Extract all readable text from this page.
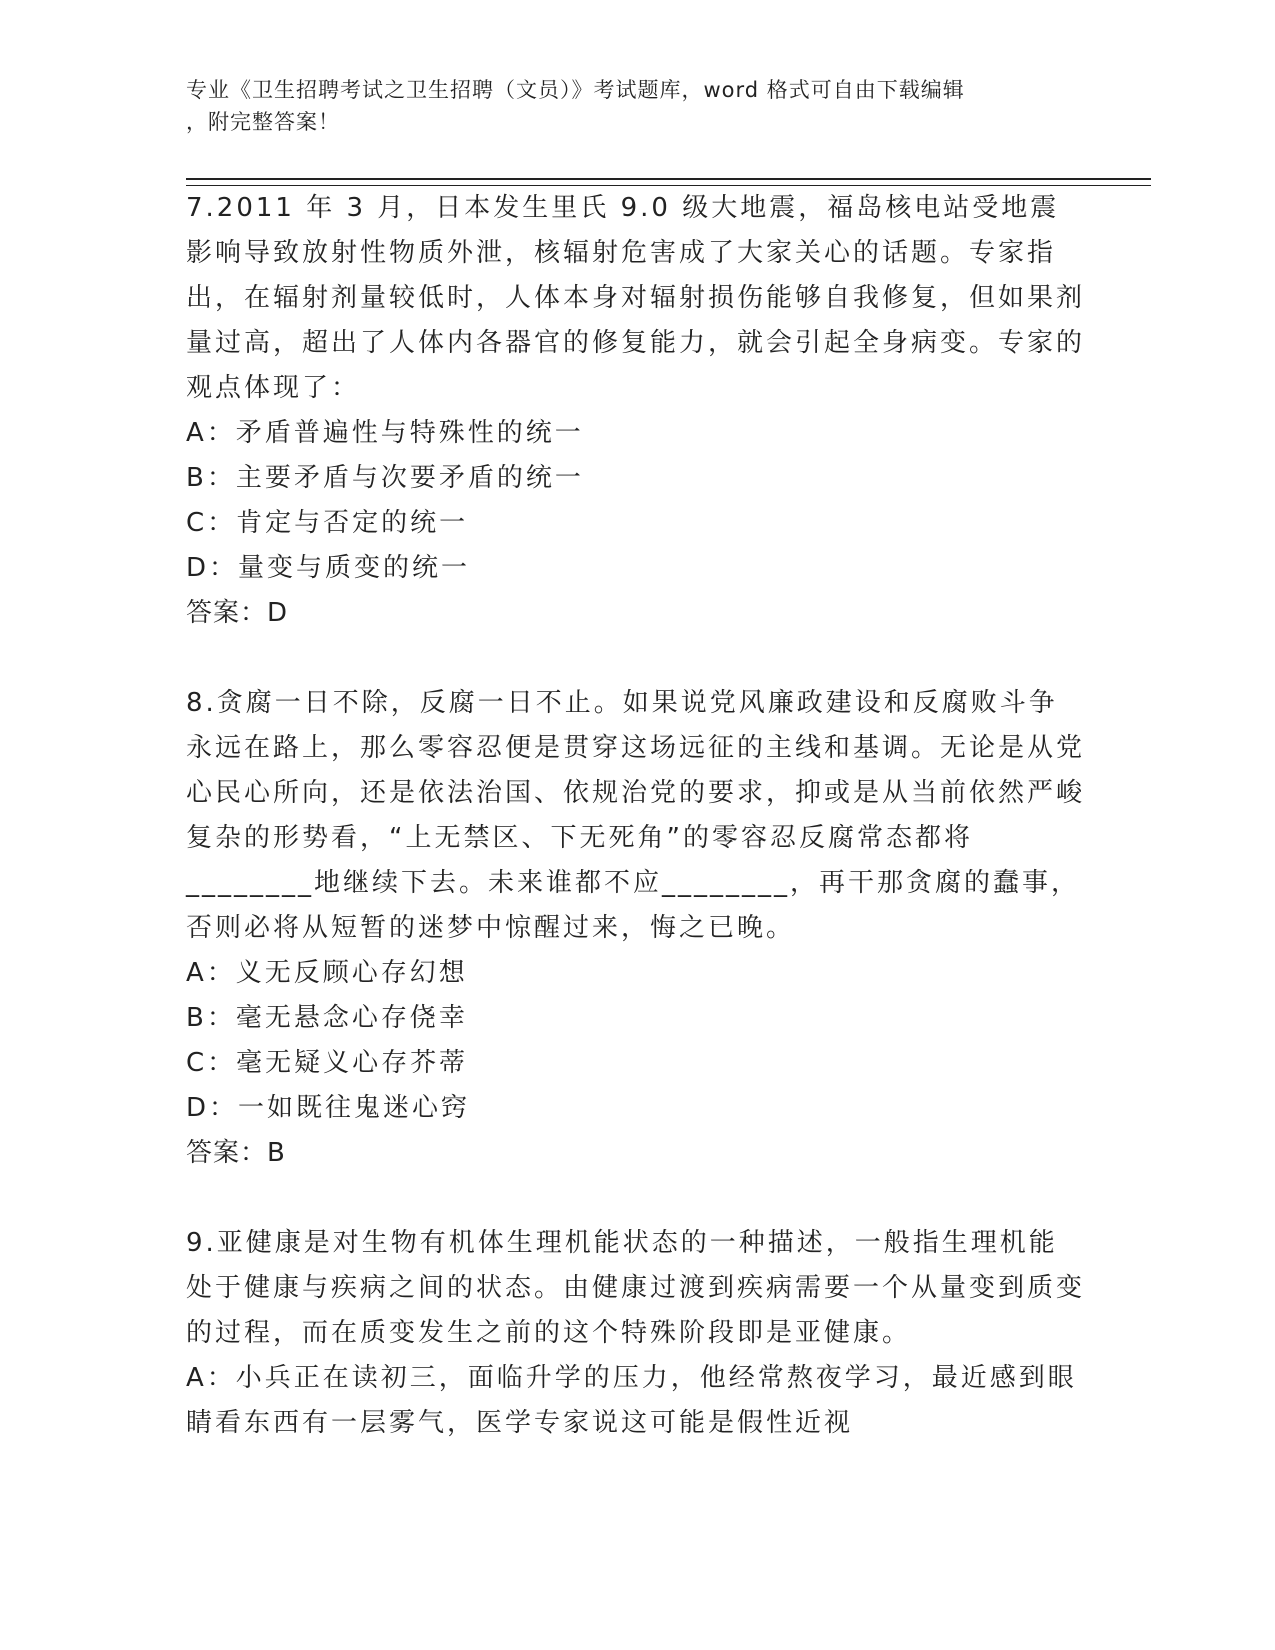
专业《卫生招聘考试之卫生招聘（文员）》考试题库，word 格式可自由下载编辑
，附完整答案！

7.2011 年 3 月，日本发生里氏 9.0 级大地震，福岛核电站受地震影响导致放射性物质外泄，核辐射危害成了大家关心的话题。专家指出，在辐射剂量较低时，人体本身对辐射损伤能够自我修复，但如果剂量过高，超出了人体内各器官的修复能力，就会引起全身病变。专家的观点体现了：

A：矛盾普遍性与特殊性的统一

B：主要矛盾与次要矛盾的统一

C：肯定与否定的统一

D：量变与质变的统一

答案：D

8.贪腐一日不除，反腐一日不止。如果说党风廉政建设和反腐败斗争永远在路上，那么零容忍便是贯穿这场远征的主线和基调。无论是从党心民心所向，还是依法治国、依规治党的要求，抑或是从当前依然严峻复杂的形势看，“上无禁区、下无死角”的零容忍反腐常态都将________地继续下去。未来谁都不应________，再干那贪腐的蠢事，否则必将从短暂的迷梦中惊醒过来，悔之已晚。

A：义无反顾心存幻想

B：毫无悬念心存侥幸

C：毫无疑义心存芥蒂

D：一如既往鬼迷心窍

答案：B

9.亚健康是对生物有机体生理机能状态的一种描述，一般指生理机能处于健康与疾病之间的状态。由健康过渡到疾病需要一个从量变到质变的过程，而在质变发生之前的这个特殊阶段即是亚健康。

A：小兵正在读初三，面临升学的压力，他经常熬夜学习，最近感到眼睛看东西有一层雾气，医学专家说这可能是假性近视
